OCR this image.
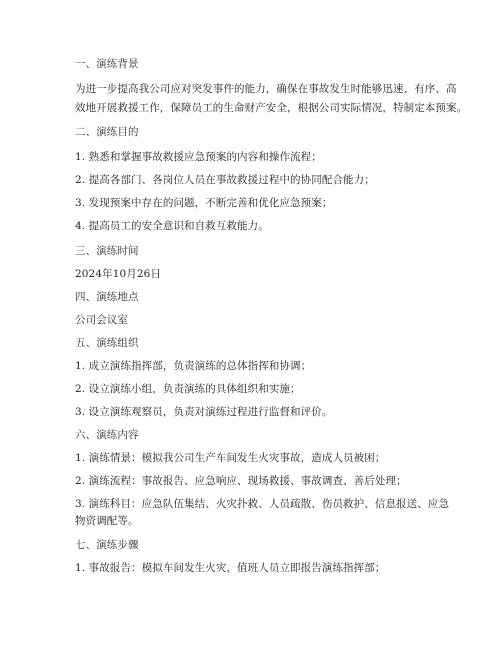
一、演练背景
为进一步提高我公司应对突发事件的能力，确保在事故发生时能够迅速、有序、高
效地开展救援工作，保障员工的生命财产安全，根据公司实际情况，特制定本预案。
二、演练目的
1. 熟悉和掌握事故救援应急预案的内容和操作流程；
2. 提高各部门、各岗位人员在事故救援过程中的协同配合能力；
3. 发现预案中存在的问题，不断完善和优化应急预案；
4. 提高员工的安全意识和自救互救能力。
三、演练时间
2024年10月26日
四、演练地点
公司会议室
五、演练组织
1. 成立演练指挥部，负责演练的总体指挥和协调；
2. 设立演练小组，负责演练的具体组织和实施；
3. 设立演练观察员，负责对演练过程进行监督和评价。
六、演练内容
1. 演练情景：模拟我公司生产车间发生火灾事故，造成人员被困；
2. 演练流程：事故报告、应急响应、现场救援、事故调查、善后处理；
3. 演练科目：应急队伍集结、火灾扑救、人员疏散、伤员救护、信息报送、应急
物资调配等。
七、演练步骤
1. 事故报告：模拟车间发生火灾，值班人员立即报告演练指挥部；
